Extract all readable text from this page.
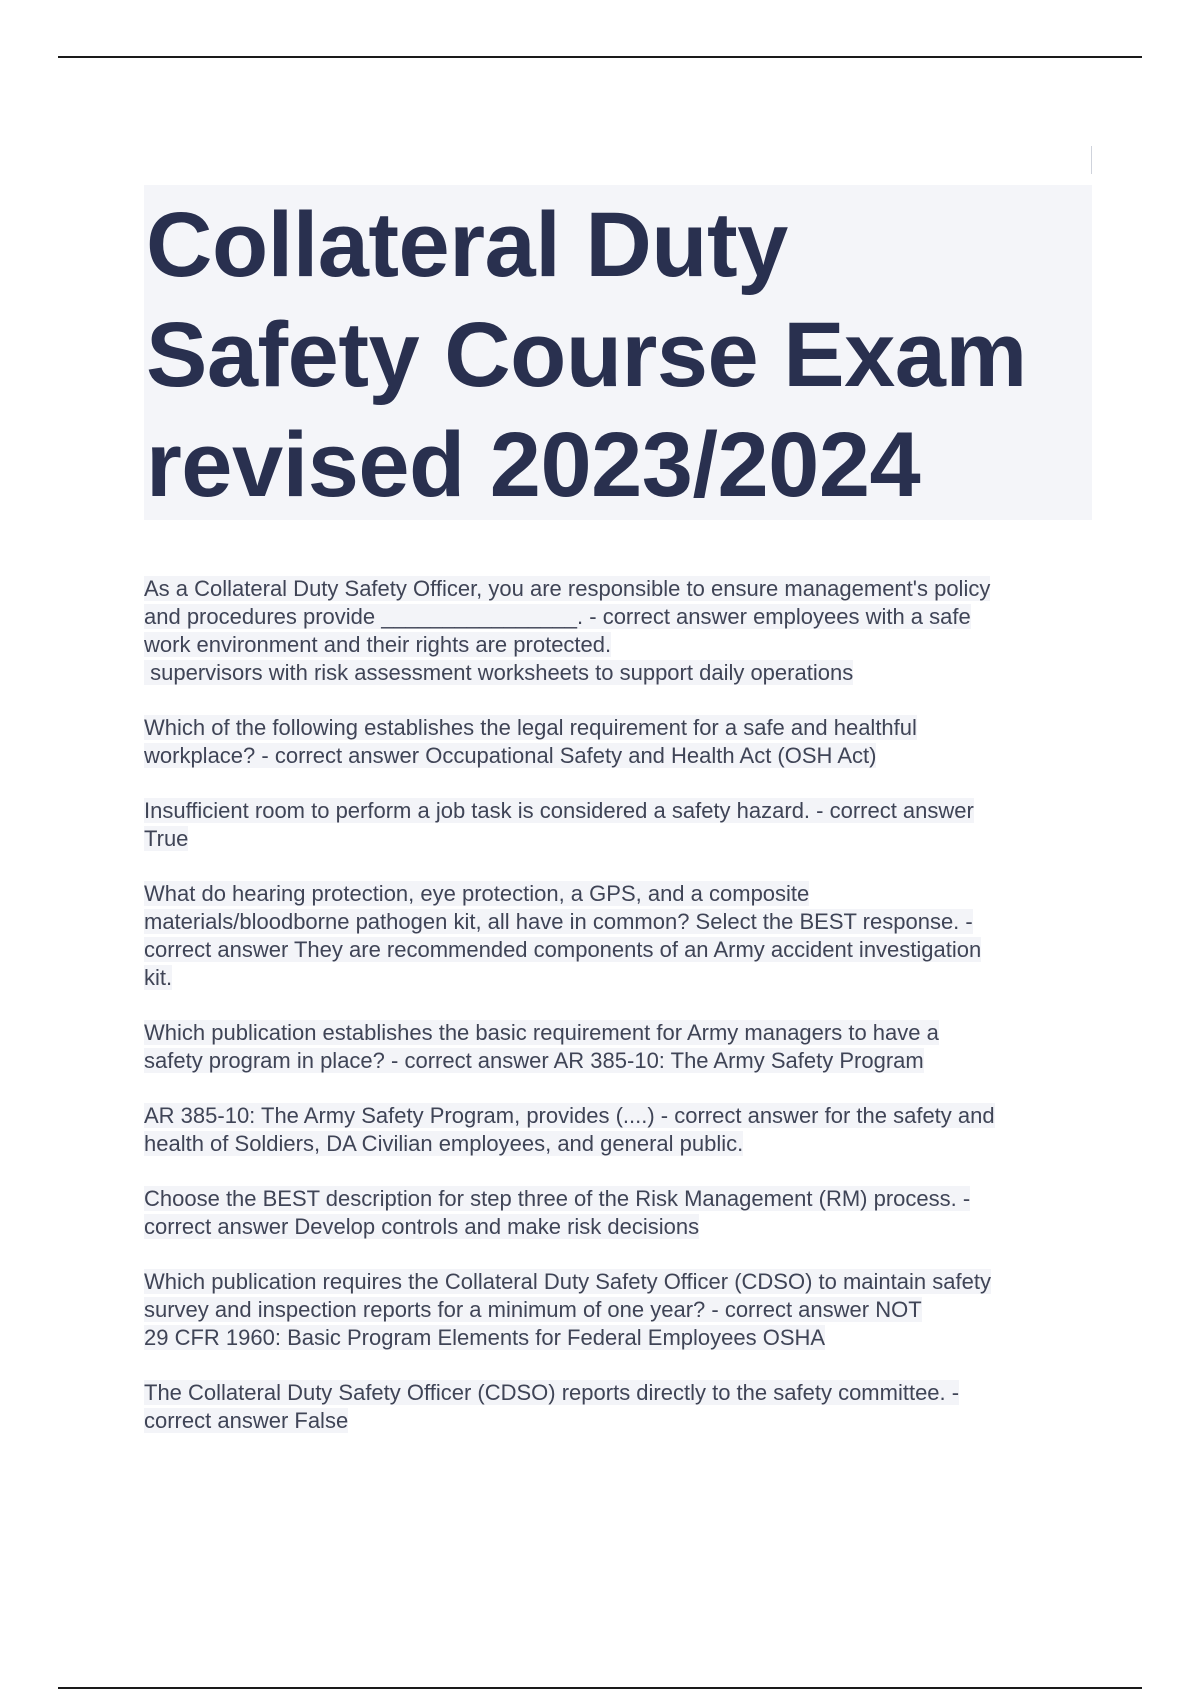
Collateral Duty
Safety Course Exam
revised 2023/2024
As a Collateral Duty Safety Officer, you are responsible to ensure management's policy
and procedures provide ________________. - correct answer employees with a safe
work environment and their rights are protected.
supervisors with risk assessment worksheets to support daily operations
Which of the following establishes the legal requirement for a safe and healthful
workplace? - correct answer Occupational Safety and Health Act (OSH Act)
Insufficient room to perform a job task is considered a safety hazard. - correct answer
True
What do hearing protection, eye protection, a GPS, and a composite
materials/bloodborne pathogen kit, all have in common? Select the BEST response. -
correct answer They are recommended components of an Army accident investigation
kit.
Which publication establishes the basic requirement for Army managers to have a
safety program in place? - correct answer AR 385-10: The Army Safety Program
AR 385-10: The Army Safety Program, provides (....) - correct answer for the safety and
health of Soldiers, DA Civilian employees, and general public.
Choose the BEST description for step three of the Risk Management (RM) process. -
correct answer Develop controls and make risk decisions
Which publication requires the Collateral Duty Safety Officer (CDSO) to maintain safety
survey and inspection reports for a minimum of one year? - correct answer NOT
29 CFR 1960: Basic Program Elements for Federal Employees OSHA
The Collateral Duty Safety Officer (CDSO) reports directly to the safety committee. -
correct answer False
